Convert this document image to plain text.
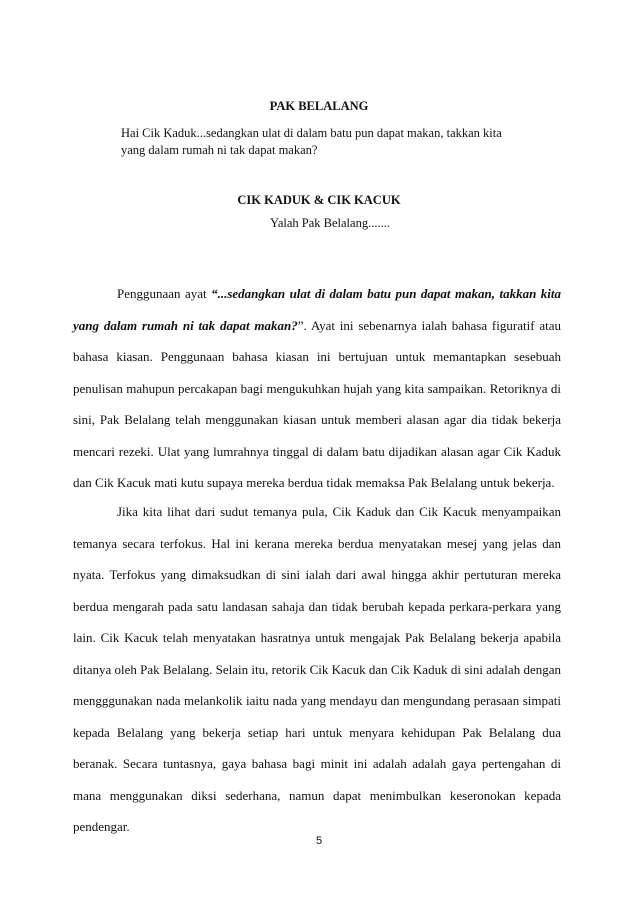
PAK BELALANG
Hai Cik Kaduk...sedangkan ulat di dalam batu pun dapat makan, takkan kita yang dalam rumah ni tak dapat makan?
CIK KADUK & CIK KACUK
Yalah Pak Belalang.......

Penggunaan ayat “...sedangkan ulat di dalam batu pun dapat makan, takkan kita yang dalam rumah ni tak dapat makan?”. Ayat ini sebenarnya ialah bahasa figuratif atau bahasa kiasan. Penggunaan bahasa kiasan ini bertujuan untuk memantapkan sesebuah penulisan mahupun percakapan bagi mengukuhkan hujah yang kita sampaikan. Retoriknya di sini, Pak Belalang telah menggunakan kiasan untuk memberi alasan agar dia tidak bekerja mencari rezeki. Ulat yang lumrahnya tinggal di dalam batu dijadikan alasan agar Cik Kaduk dan Cik Kacuk mati kutu supaya mereka berdua tidak memaksa Pak Belalang untuk bekerja.

Jika kita lihat dari sudut temanya pula, Cik Kaduk dan Cik Kacuk menyampaikan temanya secara terfokus. Hal ini kerana mereka berdua menyatakan mesej yang jelas dan nyata. Terfokus yang dimaksudkan di sini ialah dari awal hingga akhir pertuturan mereka berdua mengarah pada satu landasan sahaja dan tidak berubah kepada perkara-perkara yang lain. Cik Kacuk telah menyatakan hasratnya untuk mengajak Pak Belalang bekerja apabila ditanya oleh Pak Belalang. Selain itu, retorik Cik Kacuk dan Cik Kaduk di sini adalah dengan mengggunakan nada melankolik iaitu nada yang mendayu dan mengundang perasaan simpati kepada Belalang yang bekerja setiap hari untuk menyara kehidupan Pak Belalang dua beranak. Secara tuntasnya, gaya bahasa bagi minit ini adalah adalah gaya pertengahan di mana menggunakan diksi sederhana, namun dapat menimbulkan keseronokan kepada pendengar.

5
